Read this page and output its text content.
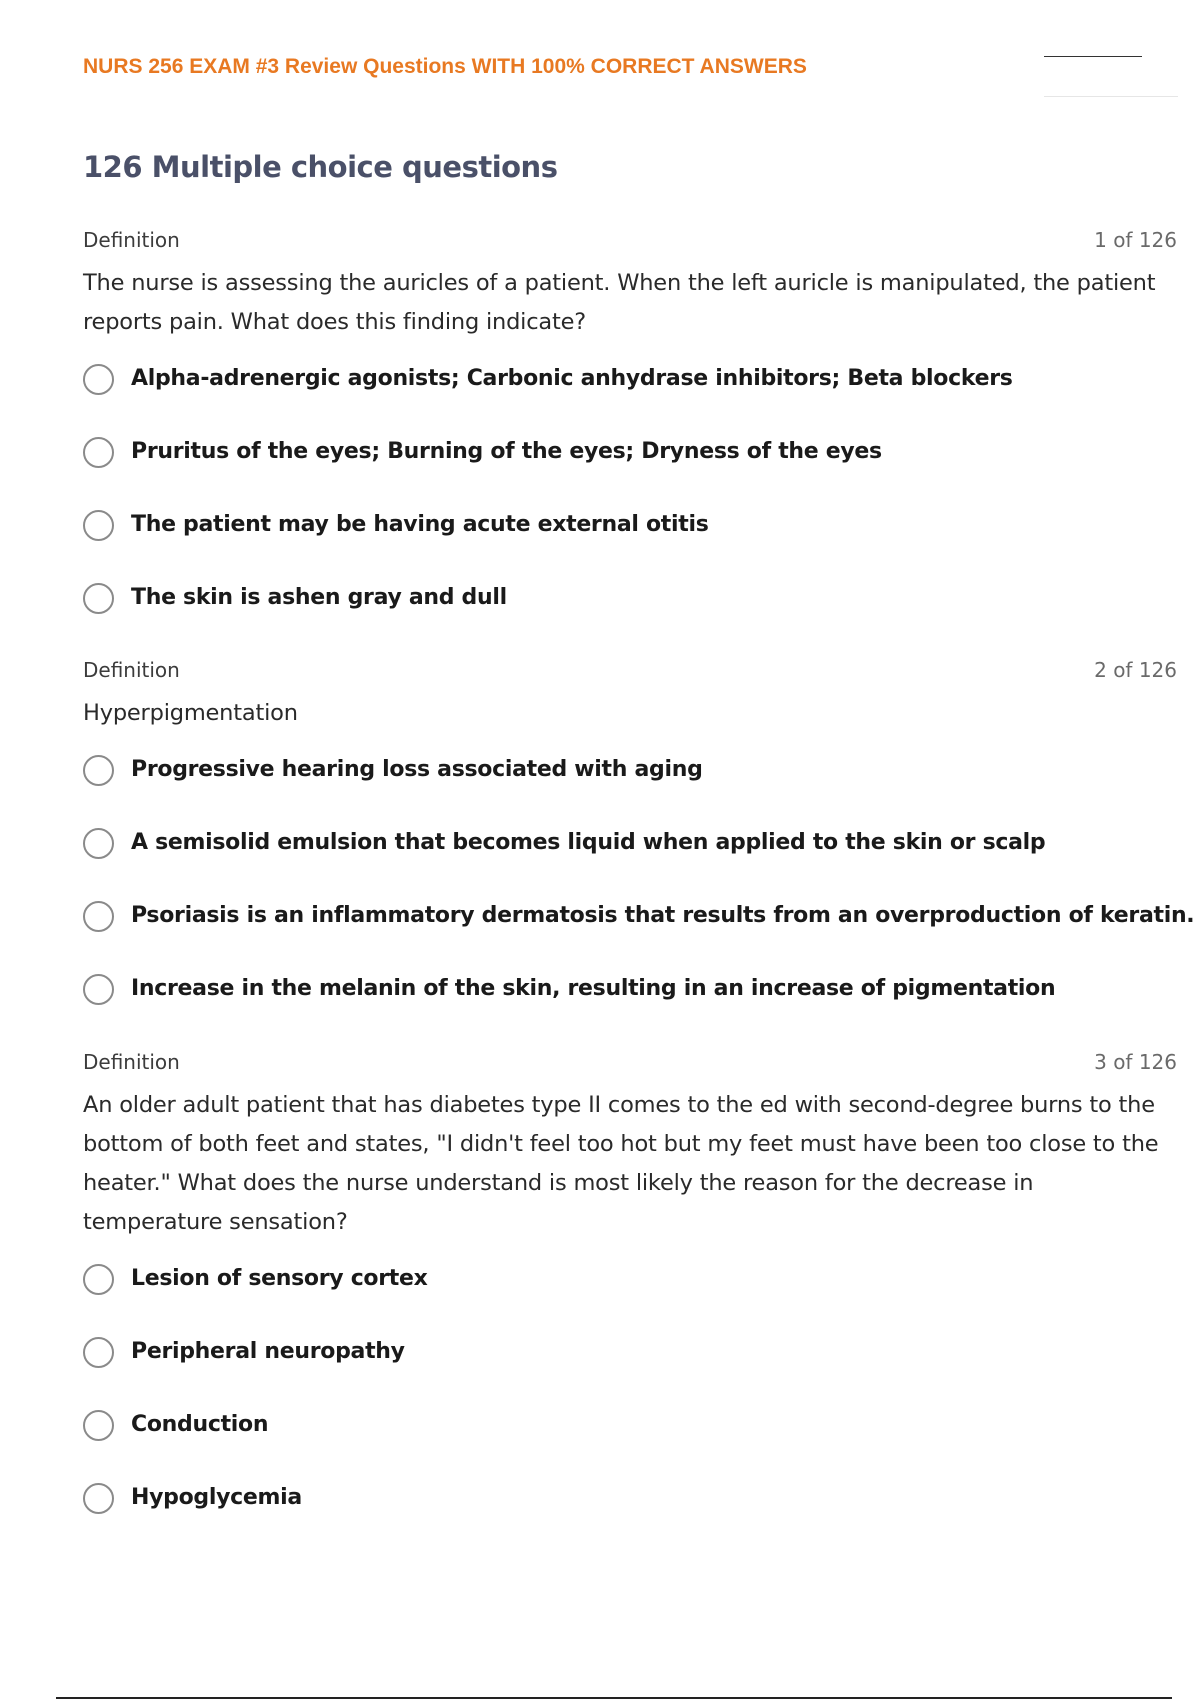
NURS 256 EXAM #3 Review Questions WITH 100% CORRECT ANSWERS
126 Multiple choice questions
Definition	1 of 126

The nurse is assessing the auricles of a patient. When the left auricle is manipulated, the patient reports pain. What does this finding indicate?

Alpha-adrenergic agonists; Carbonic anhydrase inhibitors; Beta blockers
Pruritus of the eyes; Burning of the eyes; Dryness of the eyes
The patient may be having acute external otitis
The skin is ashen gray and dull
Definition	2 of 126

Hyperpigmentation

Progressive hearing loss associated with aging
A semisolid emulsion that becomes liquid when applied to the skin or scalp
Psoriasis is an inflammatory dermatosis that results from an overproduction of keratin.
Increase in the melanin of the skin, resulting in an increase of pigmentation
Definition	3 of 126

An older adult patient that has diabetes type II comes to the ed with second-degree burns to the bottom of both feet and states, "I didn't feel too hot but my feet must have been too close to the heater." What does the nurse understand is most likely the reason for the decrease in temperature sensation?

Lesion of sensory cortex
Peripheral neuropathy
Conduction
Hypoglycemia
